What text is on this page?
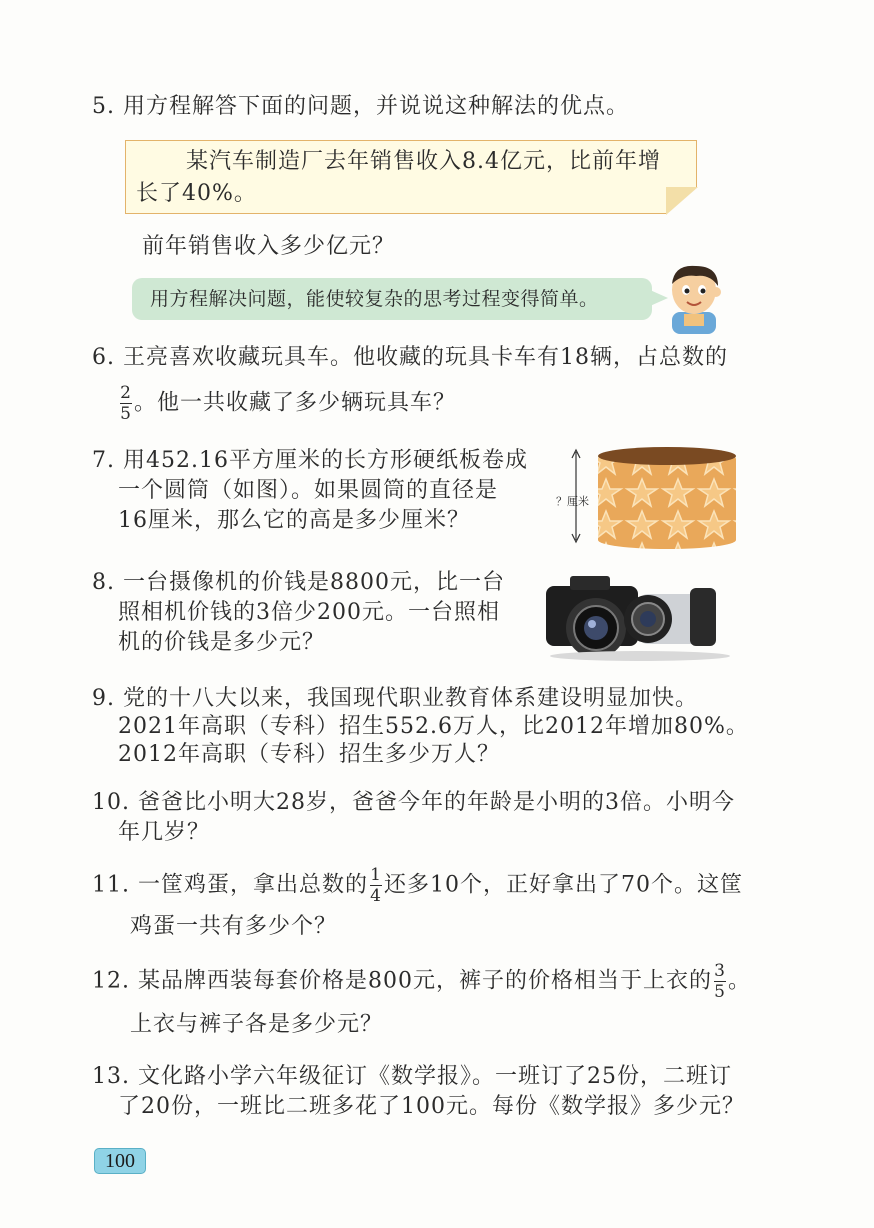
5. 用方程解答下面的问题，并说说这种解法的优点。
某汽车制造厂去年销售收入8.4亿元，比前年增
长了40%。
前年销售收入多少亿元？
用方程解决问题，能使较复杂的思考过程变得简单。
6. 王亮喜欢收藏玩具车。他收藏的玩具卡车有18辆，占总数的
$\frac{2}{5}$ 。他一共收藏了多少辆玩具车？
7. 用452.16平方厘米的长方形硬纸板卷成
一个圆筒（如图）。如果圆筒的直径是
16厘米，那么它的高是多少厘米？
？厘米
8. 一台摄像机的价钱是8800元，比一台
照相机价钱的3倍少200元。一台照相
机的价钱是多少元？
9. 党的十八大以来，我国现代职业教育体系建设明显加快。
2021年高职（专科）招生552.6万人，比2012年增加80%。
2012年高职（专科）招生多少万人？
10. 爸爸比小明大28岁，爸爸今年的年龄是小明的3倍。小明今
年几岁？
11. 一筐鸡蛋，拿出总数的 $\frac{1}{4}$ 还多10个，正好拿出了70个。这筐
鸡蛋一共有多少个？
12. 某品牌西装每套价格是800元，裤子的价格相当于上衣的 $\frac{3}{5}$ 。
上衣与裤子各是多少元？
13. 文化路小学六年级征订《数学报》。一班订了25份，二班订
了20份，一班比二班多花了100元。每份《数学报》多少元？
100
